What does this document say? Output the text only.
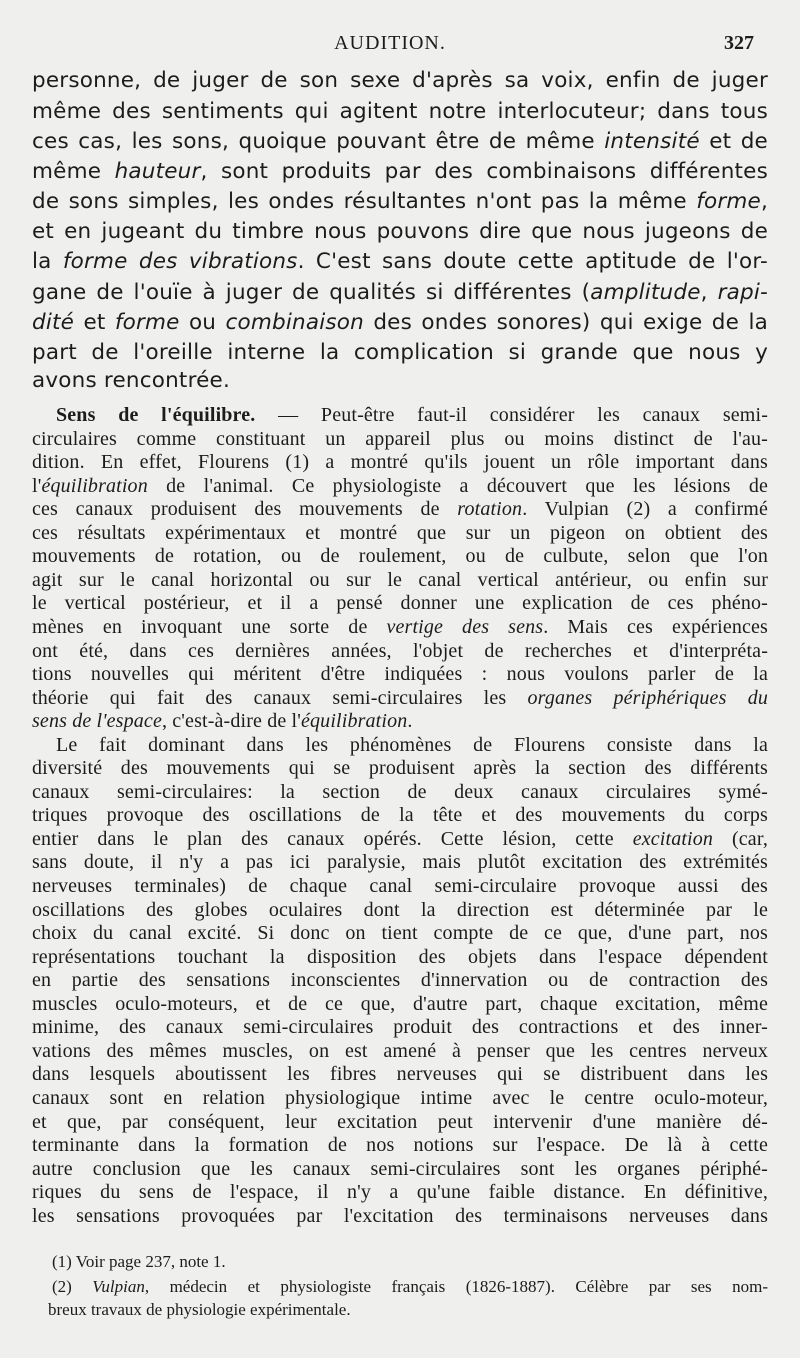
AUDITION.	327
personne, de juger de son sexe d'après sa voix, enfin de juger
même des sentiments qui agitent notre interlocuteur; dans tous
ces cas, les sons, quoique pouvant être de même intensité et de
même hauteur, sont produits par des combinaisons différentes
de sons simples, les ondes résultantes n'ont pas la même forme,
et en jugeant du timbre nous pouvons dire que nous jugeons de
la forme des vibrations. C'est sans doute cette aptitude de l'or-
gane de l'ouïe à juger de qualités si différentes (amplitude, rapi-
dité et forme ou combinaison des ondes sonores) qui exige de la
part de l'oreille interne la complication si grande que nous y
avons rencontrée.
Sens de l'équilibre. — Peut-être faut-il considérer les canaux semi-
circulaires comme constituant un appareil plus ou moins distinct de l'au-
dition. En effet, Flourens (1) a montré qu'ils jouent un rôle important dans
l'équilibration de l'animal. Ce physiologiste a découvert que les lésions de
ces canaux produisent des mouvements de rotation. Vulpian (2) a confirmé
ces résultats expérimentaux et montré que sur un pigeon on obtient des
mouvements de rotation, ou de roulement, ou de culbute, selon que l'on
agit sur le canal horizontal ou sur le canal vertical antérieur, ou enfin sur
le vertical postérieur, et il a pensé donner une explication de ces phéno-
mènes en invoquant une sorte de vertige des sens. Mais ces expériences
ont été, dans ces dernières années, l'objet de recherches et d'interpréta-
tions nouvelles qui méritent d'être indiquées : nous voulons parler de la
théorie qui fait des canaux semi-circulaires les organes périphériques du
sens de l'espace, c'est-à-dire de l'équilibration.
Le fait dominant dans les phénomènes de Flourens consiste dans la
diversité des mouvements qui se produisent après la section des différents
canaux semi-circulaires: la section de deux canaux circulaires symé-
triques provoque des oscillations de la tête et des mouvements du corps
entier dans le plan des canaux opérés. Cette lésion, cette excitation (car,
sans doute, il n'y a pas ici paralysie, mais plutôt excitation des extrémités
nerveuses terminales) de chaque canal semi-circulaire provoque aussi des
oscillations des globes oculaires dont la direction est déterminée par le
choix du canal excité. Si donc on tient compte de ce que, d'une part, nos
représentations touchant la disposition des objets dans l'espace dépendent
en partie des sensations inconscientes d'innervation ou de contraction des
muscles oculo-moteurs, et de ce que, d'autre part, chaque excitation, même
minime, des canaux semi-circulaires produit des contractions et des inner-
vations des mêmes muscles, on est amené à penser que les centres nerveux
dans lesquels aboutissent les fibres nerveuses qui se distribuent dans les
canaux sont en relation physiologique intime avec le centre oculo-moteur,
et que, par conséquent, leur excitation peut intervenir d'une manière dé-
terminante dans la formation de nos notions sur l'espace. De là à cette
autre conclusion que les canaux semi-circulaires sont les organes périphé-
riques du sens de l'espace, il n'y a qu'une faible distance. En définitive,
les sensations provoquées par l'excitation des terminaisons nerveuses dans
(1) Voir page 237, note 1.
(2) Vulpian, médecin et physiologiste français (1826-1887). Célèbre par ses nom-
breux travaux de physiologie expérimentale.
